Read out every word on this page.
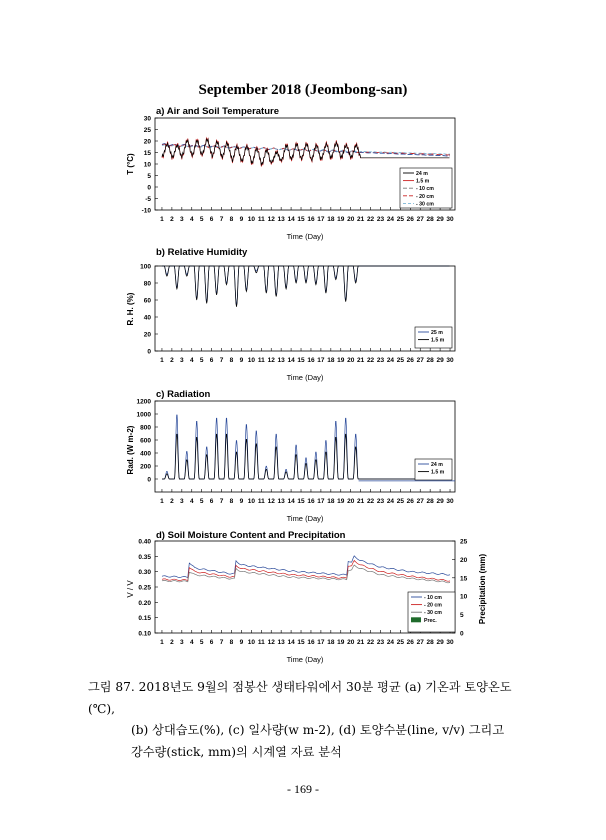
September 2018 (Jeombong-san)
a) Air and Soil Temperature
-10
-5
0
5
10
15
20
25
30
1 2 3 4 5 6 7 8 9 10 11 12 13 14 15 16 17 18 19 20 21 22 23 24 25 26 27 28 29 30
Time (Day)
T (°C)	24 m
1.5 m
- 10 cm
- 20 cm
- 30 cm
b) Relative Humidity
0
20
40
60
80
100
1 2 3 4 5 6 7 8 9 10 11 12 13 14 15 16 17 18 19 20 21 22 23 24 25 26 27 28 29 30
Time (Day)
R. H. (%)
25 m
1.5 m
c) Radiation
0
200
400
600
800
1000
1200
1 2 3 4 5 6 7 8 9 10 11 12 13 14 15 16 17 18 19 20 21 22 23 24 25 26 27 28 29 30
Time (Day)
Rad. (W m-2)	24 m
1.5 m
d) Soil Moisture Content and Precipitation
0.10
0.15
0.20
0.25
0.30
0.35
0.40
1 2 3 4 5 6 7 8 9 10 11 12 13 14 15 16 17 18 19 20 21 22 23 24 25 26 27 28 29 30
Time (Day)
V / V
0
5
10
15
20
25
Precipitation (mm)
- 10 cm
- 20 cm
- 30 cm
Prec.
그림 87. 2018년도 9월의 점봉산 생태타워에서 30분 평균 (a) 기온과 토양온도(℃),
(b) 상대습도(%), (c) 일사량(w m-2), (d) 토양수분(line, v/v) 그리고
강수량(stick, mm)의 시계열 자료 분석
- 169 -
